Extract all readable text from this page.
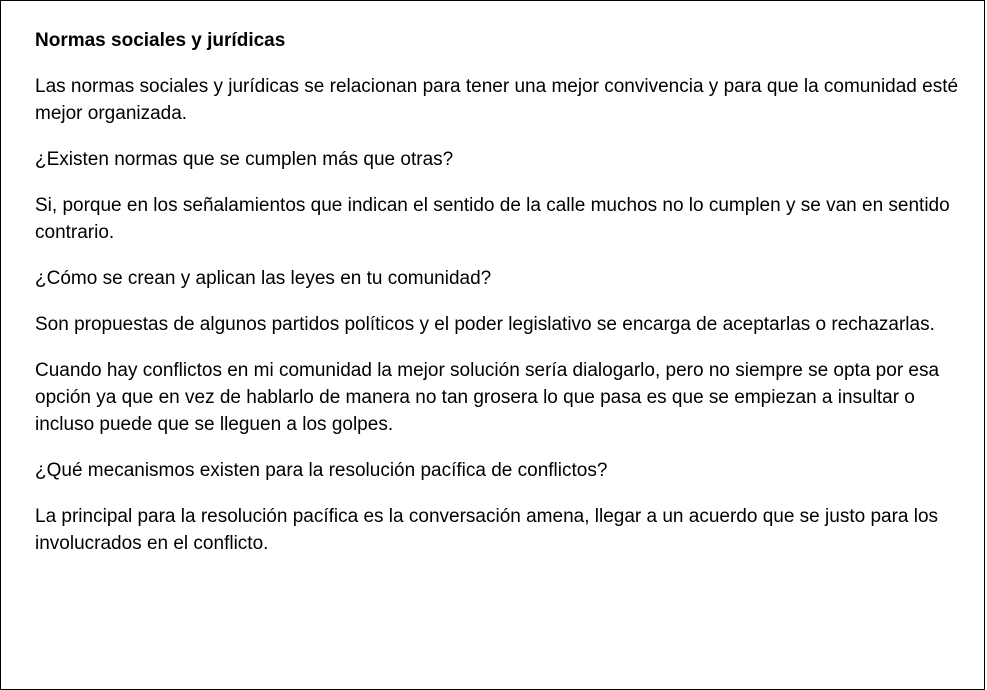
Normas sociales y jurídicas
Las normas sociales y jurídicas se relacionan para tener una mejor convivencia y para que la comunidad esté mejor organizada.
¿Existen normas que se cumplen más que otras?
Si, porque en los señalamientos que indican el sentido de la calle muchos no lo cumplen y se van en sentido contrario.
¿Cómo se crean y aplican las leyes en tu comunidad?
Son propuestas de algunos partidos políticos y el poder legislativo se encarga de aceptarlas o rechazarlas.
Cuando hay conflictos en mi comunidad la mejor solución sería dialogarlo, pero no siempre se opta por esa opción ya que en vez de hablarlo de manera no tan grosera lo que pasa es que se empiezan a insultar o incluso puede que se lleguen a los golpes.
¿Qué mecanismos existen para la resolución pacífica de conflictos?
La principal para la resolución pacífica es la conversación amena, llegar a un acuerdo que se justo para los involucrados en el conflicto.
